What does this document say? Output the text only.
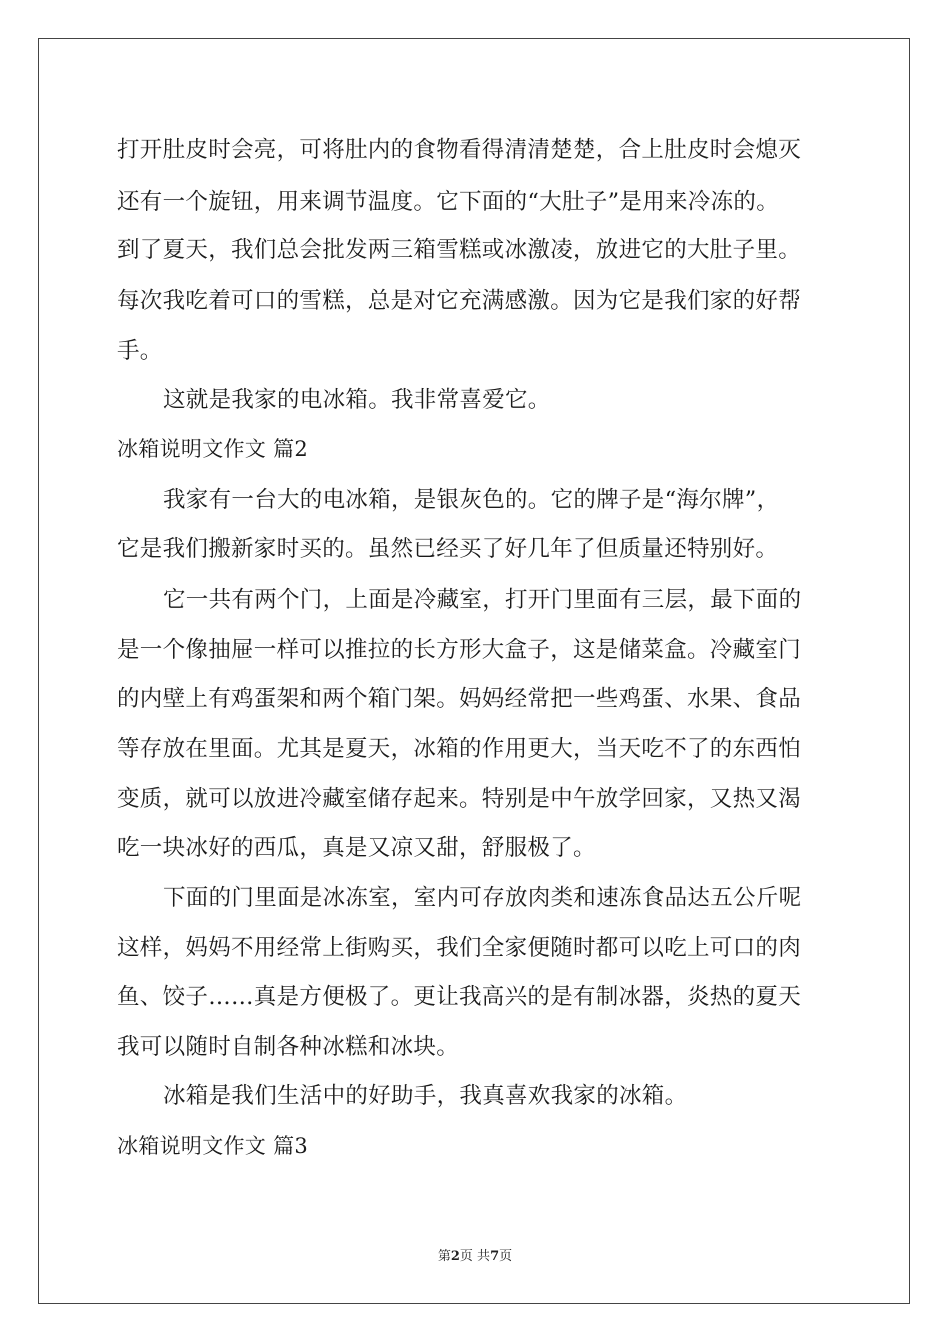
打开肚皮时会亮，可将肚内的食物看得清清楚楚，合上肚皮时会熄灭
还有一个旋钮，用来调节温度。它下面的“大肚子”是用来冷冻的。
到了夏天，我们总会批发两三箱雪糕或冰激凌，放进它的大肚子里。
每次我吃着可口的雪糕，总是对它充满感激。因为它是我们家的好帮
手。
这就是我家的电冰箱。我非常喜爱它。
冰箱说明文作文 篇2
我家有一台大的电冰箱，是银灰色的。它的牌子是“海尔牌”，
它是我们搬新家时买的。虽然已经买了好几年了但质量还特别好。
它一共有两个门，上面是冷藏室，打开门里面有三层，最下面的
是一个像抽屉一样可以推拉的长方形大盒子，这是储菜盒。冷藏室门
的内壁上有鸡蛋架和两个箱门架。妈妈经常把一些鸡蛋、水果、食品
等存放在里面。尤其是夏天，冰箱的作用更大，当天吃不了的东西怕
变质，就可以放进冷藏室储存起来。特别是中午放学回家，又热又渴
吃一块冰好的西瓜，真是又凉又甜，舒服极了。
下面的门里面是冰冻室，室内可存放肉类和速冻食品达五公斤呢
这样，妈妈不用经常上街购买，我们全家便随时都可以吃上可口的肉
鱼、饺子……真是方便极了。更让我高兴的是有制冰器，炎热的夏天
我可以随时自制各种冰糕和冰块。
冰箱是我们生活中的好助手，我真喜欢我家的冰箱。
冰箱说明文作文 篇3
第2页 共7页
